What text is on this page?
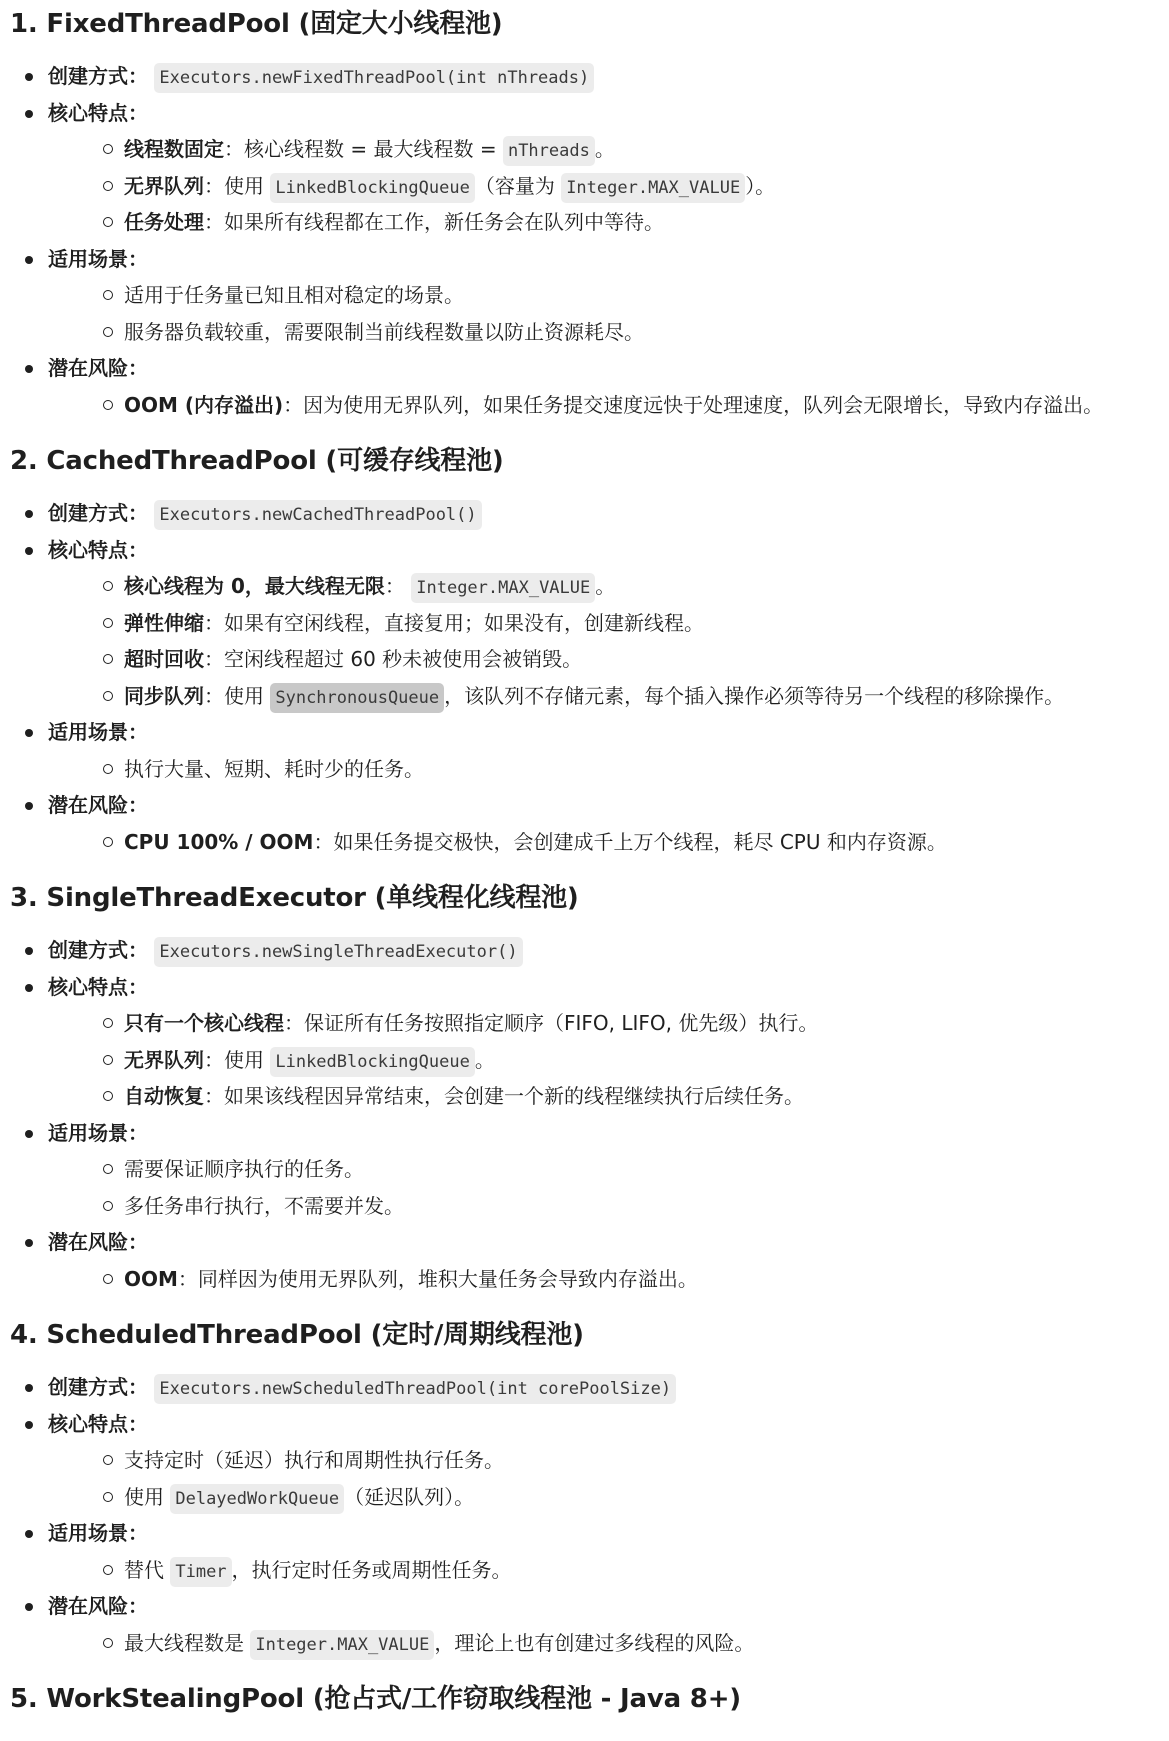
1. FixedThreadPool (固定大小线程池)
创建方式： Executors.newFixedThreadPool(int nThreads)
核心特点：
线程数固定：核心线程数 = 最大线程数 = nThreads 。
无界队列：使用 LinkedBlockingQueue （容量为 Integer.MAX_VALUE ）。
任务处理：如果所有线程都在工作，新任务会在队列中等待。
适用场景：
适用于任务量已知且相对稳定的场景。
服务器负载较重，需要限制当前线程数量以防止资源耗尽。
潜在风险：
OOM (内存溢出)：因为使用无界队列，如果任务提交速度远快于处理速度，队列会无限增长，导致内存溢出。
2. CachedThreadPool (可缓存线程池)
创建方式： Executors.newCachedThreadPool()
核心特点：
核心线程为 0，最大线程无限： Integer.MAX_VALUE 。
弹性伸缩：如果有空闲线程，直接复用；如果没有，创建新线程。
超时回收：空闲线程超过 60 秒未被使用会被销毁。
同步队列：使用 SynchronousQueue ，该队列不存储元素，每个插入操作必须等待另一个线程的移除操作。
适用场景：
执行大量、短期、耗时少的任务。
潜在风险：
CPU 100% / OOM：如果任务提交极快，会创建成千上万个线程，耗尽 CPU 和内存资源。
3. SingleThreadExecutor (单线程化线程池)
创建方式： Executors.newSingleThreadExecutor()
核心特点：
只有一个核心线程：保证所有任务按照指定顺序（FIFO, LIFO, 优先级）执行。
无界队列：使用 LinkedBlockingQueue 。
自动恢复：如果该线程因异常结束，会创建一个新的线程继续执行后续任务。
适用场景：
需要保证顺序执行的任务。
多任务串行执行，不需要并发。
潜在风险：
OOM：同样因为使用无界队列，堆积大量任务会导致内存溢出。
4. ScheduledThreadPool (定时/周期线程池)
创建方式： Executors.newScheduledThreadPool(int corePoolSize)
核心特点：
支持定时（延迟）执行和周期性执行任务。
使用 DelayedWorkQueue （延迟队列）。
适用场景：
替代 Timer ，执行定时任务或周期性任务。
潜在风险：
最大线程数是 Integer.MAX_VALUE ，理论上也有创建过多线程的风险。
5. WorkStealingPool (抢占式/工作窃取线程池 - Java 8+)
